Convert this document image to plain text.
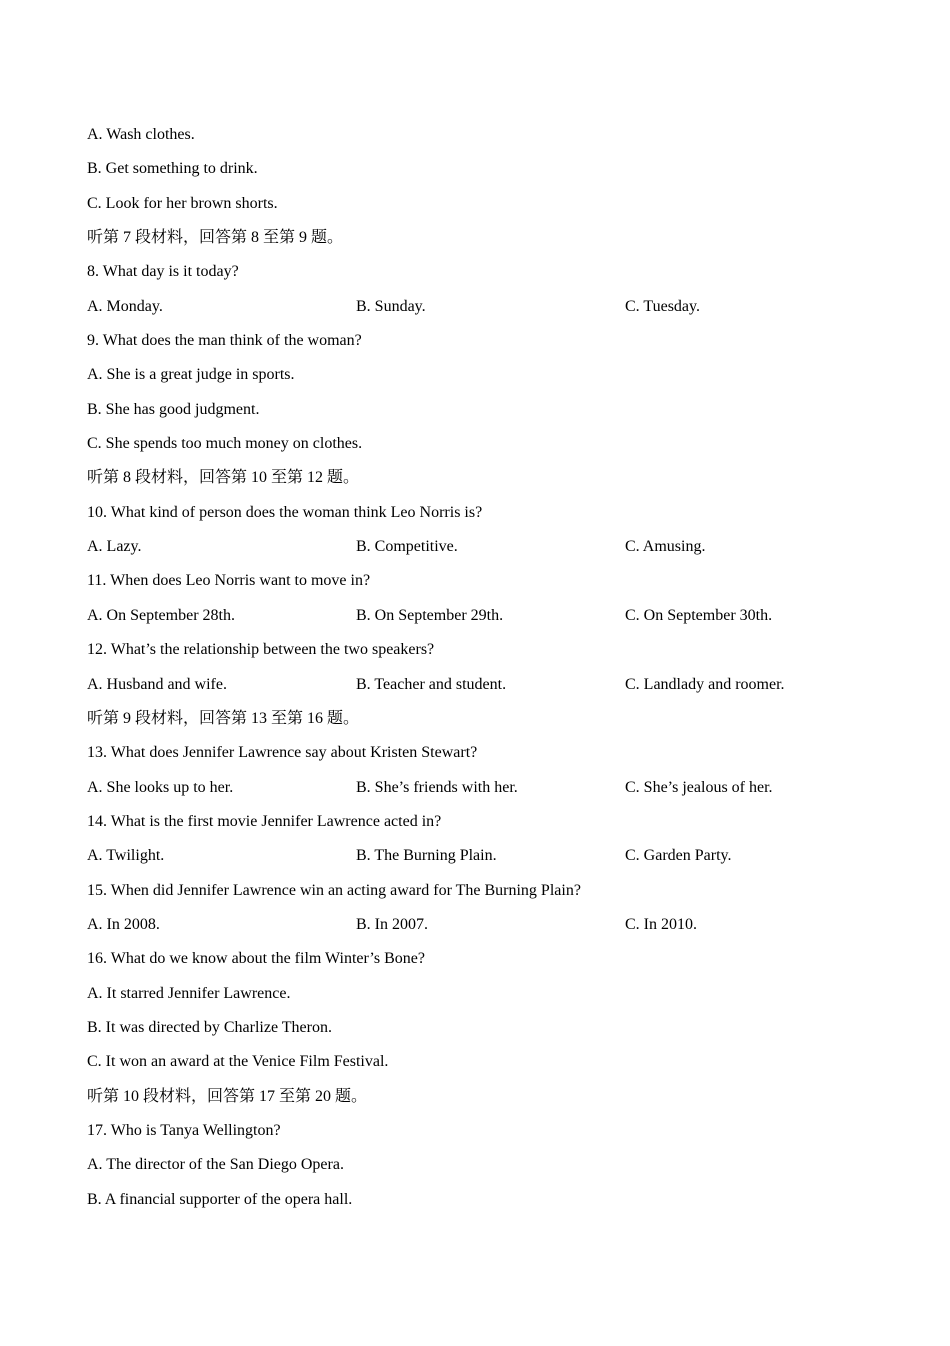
A. Wash clothes.
B. Get something to drink.
C. Look for her brown shorts.
听第 7 段材料，回答第 8 至第 9 题。
8. What day is it today?
A. Monday.	B. Sunday.	C. Tuesday.
9. What does the man think of the woman?
A. She is a great judge in sports.
B. She has good judgment.
C. She spends too much money on clothes.
听第 8 段材料，回答第 10 至第 12 题。
10. What kind of person does the woman think Leo Norris is?
A. Lazy.	B. Competitive.	C. Amusing.
11. When does Leo Norris want to move in?
A. On September 28th.	B. On September 29th.	C. On September 30th.
12. What’s the relationship between the two speakers?
A. Husband and wife.	B. Teacher and student.	C. Landlady and roomer.
听第 9 段材料，回答第 13 至第 16 题。
13. What does Jennifer Lawrence say about Kristen Stewart?
A. She looks up to her.	B. She’s friends with her.	C. She’s jealous of her.
14. What is the first movie Jennifer Lawrence acted in?
A. Twilight.	B. The Burning Plain.	C. Garden Party.
15. When did Jennifer Lawrence win an acting award for The Burning Plain?
A. In 2008.	B. In 2007.	C. In 2010.
16. What do we know about the film Winter’s Bone?
A. It starred Jennifer Lawrence.
B. It was directed by Charlize Theron.
C. It won an award at the Venice Film Festival.
听第 10 段材料，回答第 17 至第 20 题。
17. Who is Tanya Wellington?
A. The director of the San Diego Opera.
B. A financial supporter of the opera hall.
